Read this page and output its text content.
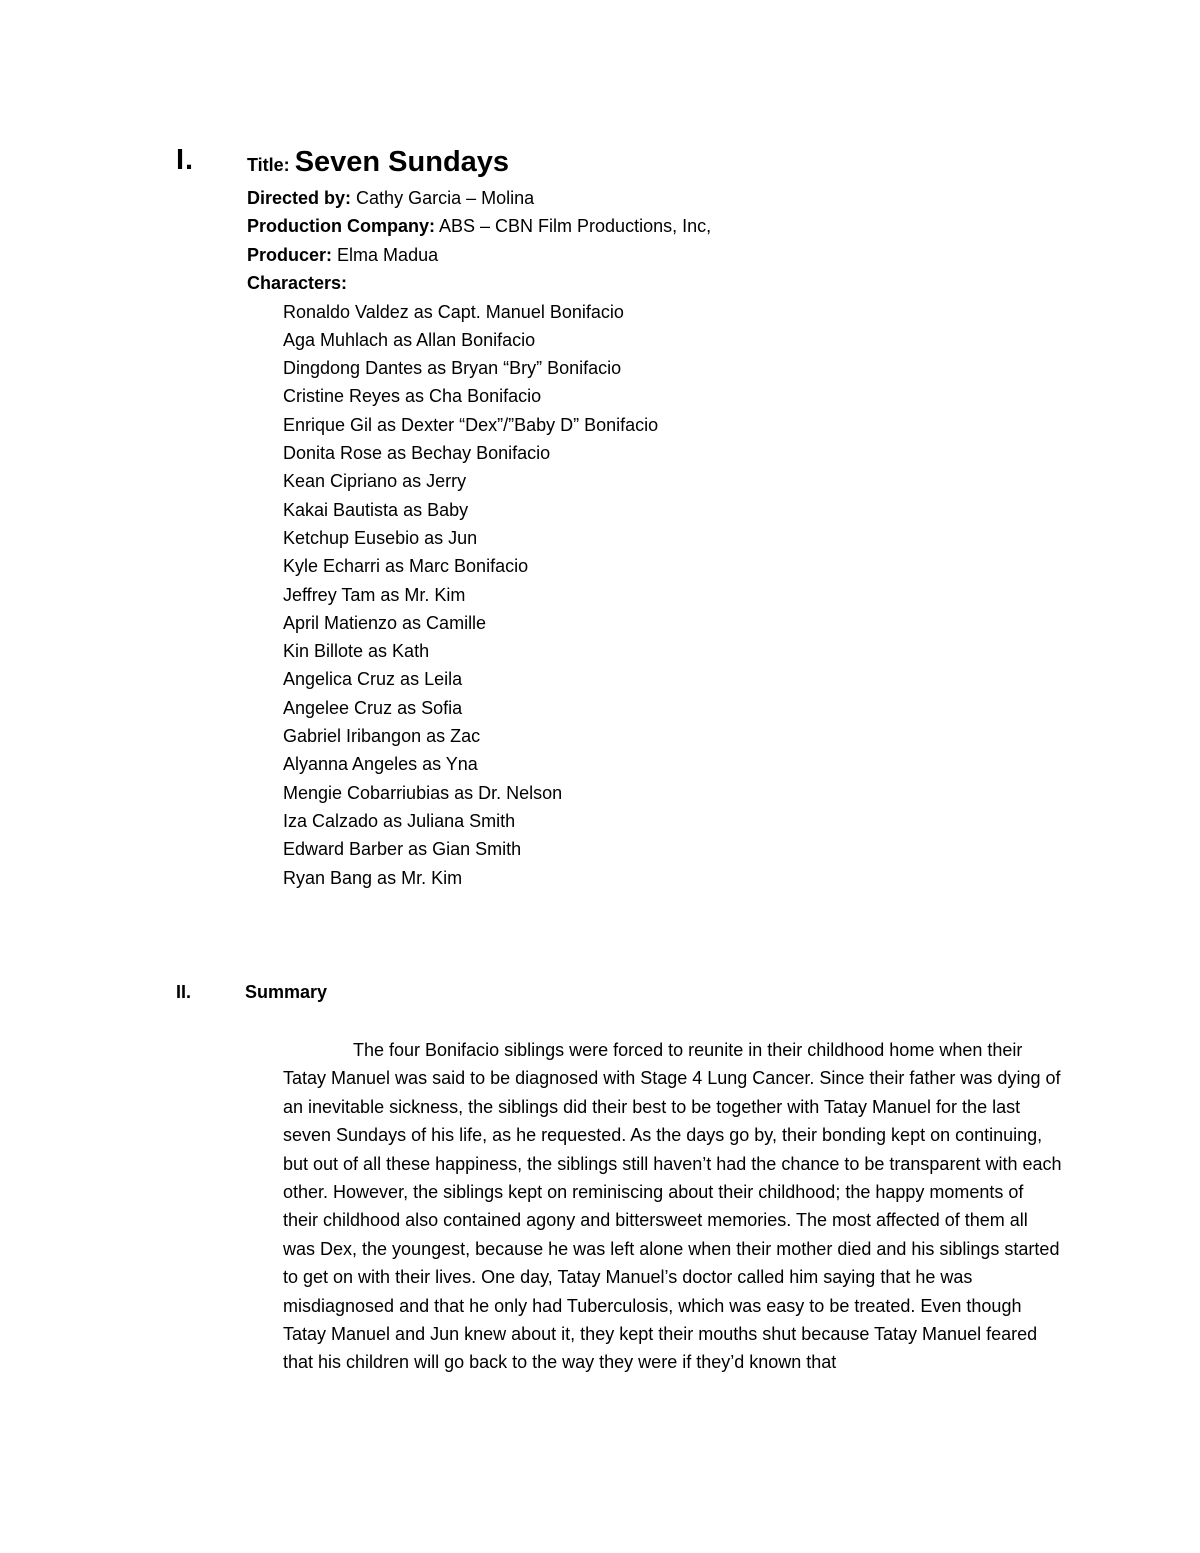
I.	Title: Seven Sundays
Directed by: Cathy Garcia – Molina
Production Company: ABS – CBN Film Productions, Inc,
Producer: Elma Madua
Characters:
Ronaldo Valdez as Capt. Manuel Bonifacio
Aga Muhlach as Allan Bonifacio
Dingdong Dantes as Bryan “Bry” Bonifacio
Cristine Reyes as Cha Bonifacio
Enrique Gil as Dexter “Dex”/”Baby D” Bonifacio
Donita Rose as Bechay Bonifacio
Kean Cipriano as Jerry
Kakai Bautista as Baby
Ketchup Eusebio as Jun
Kyle Echarri as Marc Bonifacio
Jeffrey Tam as Mr. Kim
April Matienzo as Camille
Kin Billote as Kath
Angelica Cruz as Leila
Angelee Cruz as Sofia
Gabriel Iribangon as Zac
Alyanna Angeles as Yna
Mengie Cobarriubias as Dr. Nelson
Iza Calzado as Juliana Smith
Edward Barber as Gian Smith
Ryan Bang as Mr. Kim
II.	Summary

The four Bonifacio siblings were forced to reunite in their childhood home when their Tatay Manuel was said to be diagnosed with Stage 4 Lung Cancer. Since their father was dying of an inevitable sickness, the siblings did their best to be together with Tatay Manuel for the last seven Sundays of his life, as he requested. As the days go by, their bonding kept on continuing, but out of all these happiness, the siblings still haven’t had the chance to be transparent with each other. However, the siblings kept on reminiscing about their childhood; the happy moments of their childhood also contained agony and bittersweet memories. The most affected of them all was Dex, the youngest, because he was left alone when their mother died and his siblings started to get on with their lives. One day, Tatay Manuel’s doctor called him saying that he was misdiagnosed and that he only had Tuberculosis, which was easy to be treated. Even though Tatay Manuel and Jun knew about it, they kept their mouths shut because Tatay Manuel feared that his children will go back to the way they were if they’d known that
